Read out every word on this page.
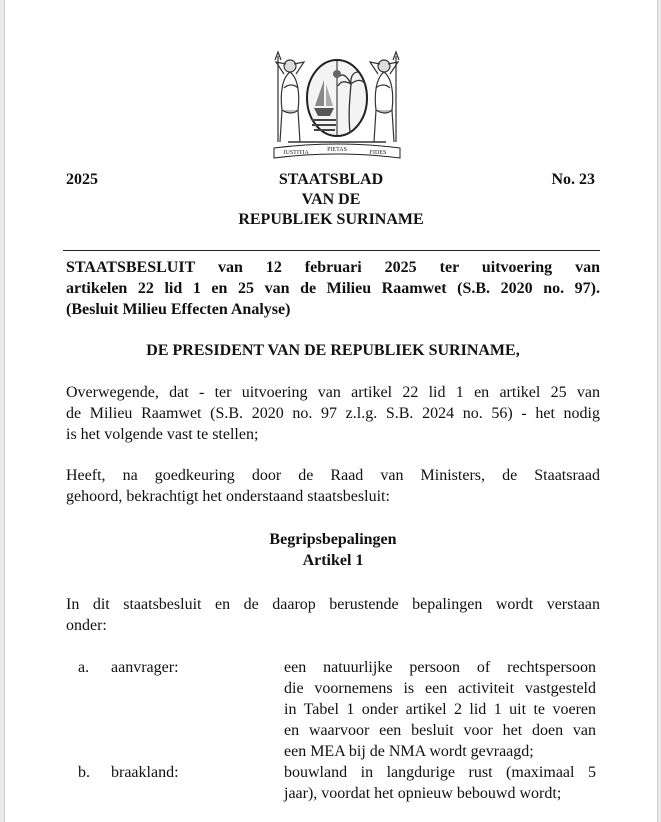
JUSTITIA	PIETAS	FIDES
2025	STAATSBLAD
VAN DE
REPUBLIEK SURINAME
No. 23
STAATSBESLUIT van 12 februari 2025 ter uitvoering van
artikelen 22 lid 1 en 25 van de Milieu Raamwet (S.B. 2020 no. 97).
(Besluit Milieu Effecten Analyse)
DE PRESIDENT VAN DE REPUBLIEK SURINAME,
Overwegende, dat - ter uitvoering van artikel 22 lid 1 en artikel 25 van
de Milieu Raamwet (S.B. 2020 no. 97 z.l.g. S.B. 2024 no. 56) - het nodig
is het volgende vast te stellen;
Heeft, na goedkeuring door de Raad van Ministers, de Staatsraad
gehoord, bekrachtigt het onderstaand staatsbesluit:
Begripsbepalingen
Artikel 1
In dit staatsbesluit en de daarop berustende bepalingen wordt verstaan
onder:
a. aanvrager:	een natuurlijke persoon of rechtspersoon
die voornemens is een activiteit vastgesteld
in Tabel 1 onder artikel 2 lid 1 uit te voeren
en waarvoor een besluit voor het doen van
een MEA bij de NMA wordt gevraagd;
b. braakland:	bouwland in langdurige rust (maximaal 5
jaar), voordat het opnieuw bebouwd wordt;
